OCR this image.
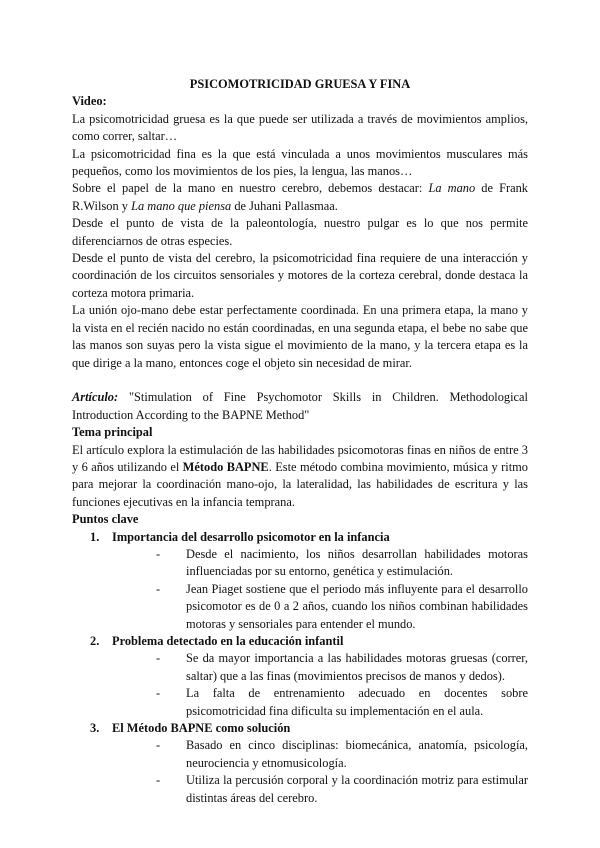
PSICOMOTRICIDAD GRUESA Y FINA

Video:

La psicomotricidad gruesa es la que puede ser utilizada a través de movimientos amplios, como correr, saltar…

La psicomotricidad fina es la que está vinculada a unos movimientos musculares más pequeños, como los movimientos de los pies, la lengua, las manos…

Sobre el papel de la mano en nuestro cerebro, debemos destacar: La mano de Frank R.Wilson y La mano que piensa de Juhani Pallasmaa.

Desde el punto de vista de la paleontología, nuestro pulgar es lo que nos permite diferenciarnos de otras especies.

Desde el punto de vista del cerebro, la psicomotricidad fina requiere de una interacción y coordinación de los circuitos sensoriales y motores de la corteza cerebral, donde destaca la corteza motora primaria.

La unión ojo-mano debe estar perfectamente coordinada. En una primera etapa, la mano y la vista en el recién nacido no están coordinadas, en una segunda etapa, el bebe no sabe que las manos son suyas pero la vista sigue el movimiento de la mano, y la tercera etapa es la que dirige a la mano, entonces coge el objeto sin necesidad de mirar.

Artículo: "Stimulation of Fine Psychomotor Skills in Children. Methodological Introduction According to the BAPNE Method"

Tema principal

El artículo explora la estimulación de las habilidades psicomotoras finas en niños de entre 3 y 6 años utilizando el Método BAPNE. Este método combina movimiento, música y ritmo para mejorar la coordinación mano-ojo, la lateralidad, las habilidades de escritura y las funciones ejecutivas en la infancia temprana.

Puntos clave

1. Importancia del desarrollo psicomotor en la infancia

- Desde el nacimiento, los niños desarrollan habilidades motoras influenciadas por su entorno, genética y estimulación.
- Jean Piaget sostiene que el periodo más influyente para el desarrollo psicomotor es de 0 a 2 años, cuando los niños combinan habilidades motoras y sensoriales para entender el mundo.
2. Problema detectado en la educación infantil

- Se da mayor importancia a las habilidades motoras gruesas (correr, saltar) que a las finas (movimientos precisos de manos y dedos).
- La falta de entrenamiento adecuado en docentes sobre psicomotricidad fina dificulta su implementación en el aula.
3. El Método BAPNE como solución

- Basado en cinco disciplinas: biomecánica, anatomía, psicología, neurociencia y etnomusicología.
- Utiliza la percusión corporal y la coordinación motriz para estimular distintas áreas del cerebro.
